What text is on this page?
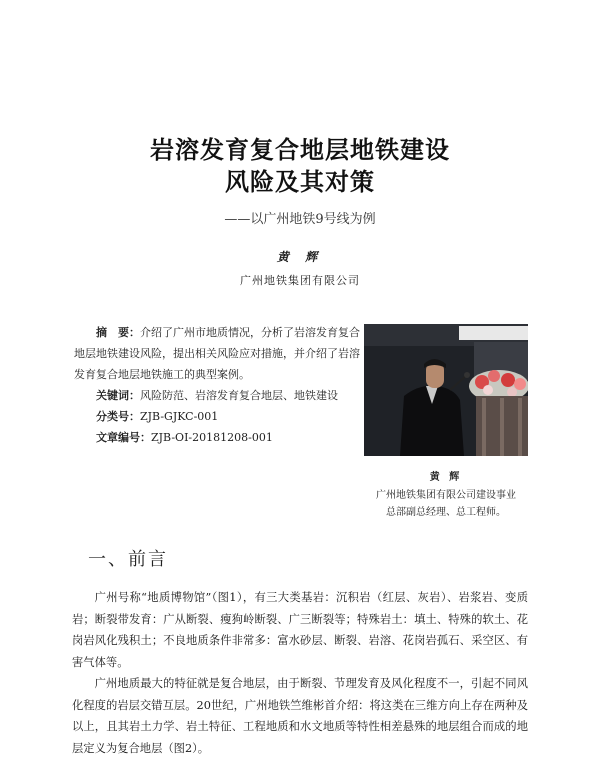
岩溶发育复合地层地铁建设
风险及其对策
——以广州地铁9号线为例
黄 辉
广州地铁集团有限公司

摘　要：介绍了广州市地质情况，分析了岩溶发育复合地层地铁建设风险，提出相关风险应对措施，并介绍了岩溶发育复合地层地铁施工的典型案例。

关键词：风险防范、岩溶发育复合地层、地铁建设

分类号：ZJB-GJKC-001
文章编号：ZJB-OI-20181208-001
黄 辉
广州地铁集团有限公司建设事业
总部副总经理、总工程师。
一、前言

广州号称“地质博物馆”（图1），有三大类基岩：沉积岩（红层、灰岩）、岩浆岩、变质岩；断裂带发育：广从断裂、瘦狗岭断裂、广三断裂等；特殊岩土：填土、特殊的软土、花岗岩风化残积土；不良地质条件非常多：富水砂层、断裂、岩溶、花岗岩孤石、采空区、有害气体等。

广州地质最大的特征就是复合地层，由于断裂、节理发育及风化程度不一，引起不同风化程度的岩层交错互层。20世纪，广州地铁竺维彬首介绍：将这类在三维方向上存在两种及以上，且其岩土力学、岩土特征、工程地质和水文地质等特性相差悬殊的地层组合而成的地层定义为复合地层（图2）。
